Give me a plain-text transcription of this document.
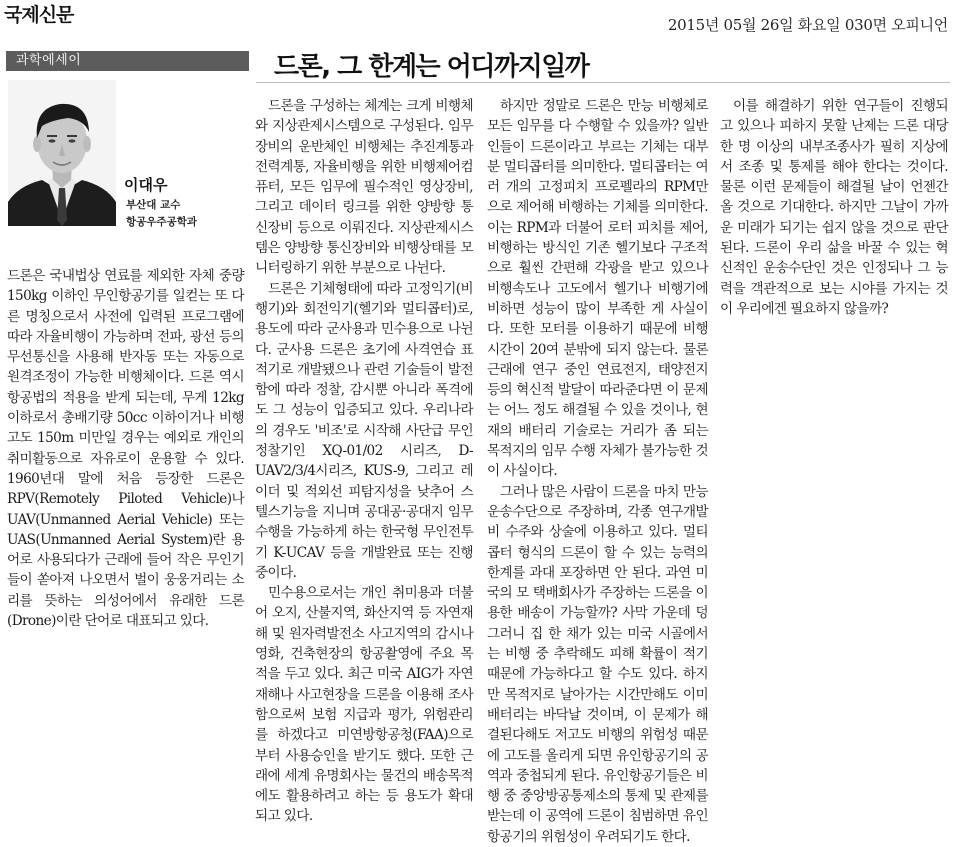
국제신문	2015년 05월 26일 화요일 030면 오피니언
과학에세이	드론, 그 한계는 어디까지일까
이대우
부산대 교수
항공우주공학과

드론은 국내법상 연료를 제외한 자체 중량 150kg 이하인 무인항공기를 일컫는 또 다른 명칭으로서 사전에 입력된 프로그램에 따라 자율비행이 가능하며 전파, 광선 등의 무선통신을 사용해 반자동 또는 자동으로 원격조정이 가능한 비행체이다. 드론 역시 항공법의 적용을 받게 되는데, 무게 12kg 이하로서 총배기량 50cc 이하이거나 비행고도 150m 미만일 경우는 예외로 개인의 취미활동으로 자유로이 운용할 수 있다. 1960년대 말에 처음 등장한 드론은 RPV(Remotely Piloted Vehicle)나 UAV(Unmanned Aerial Vehicle) 또는 UAS(Unmanned Aerial System)란 용어로 사용되다가 근래에 들어 작은 무인기들이 쏟아져 나오면서 벌이 웅웅거리는 소리를 뜻하는 의성어에서 유래한 드론(Drone)이란 단어로 대표되고 있다.

드론을 구성하는 체계는 크게 비행체와 지상관제시스템으로 구성된다. 임무장비의 운반체인 비행체는 추진계통과 전력계통, 자율비행을 위한 비행제어컴퓨터, 모든 임무에 필수적인 영상장비, 그리고 데이터 링크를 위한 양방향 통신장비 등으로 이뤄진다. 지상관제시스템은 양방향 통신장비와 비행상태를 모니터링하기 위한 부분으로 나뉜다.

드론은 기체형태에 따라 고정익기(비행기)와 회전익기(헬기와 멀티콥터)로, 용도에 따라 군사용과 민수용으로 나뉜다. 군사용 드론은 초기에 사격연습 표적기로 개발됐으나 관련 기술들이 발전함에 따라 정찰, 감시뿐 아니라 폭격에도 그 성능이 입증되고 있다. 우리나라의 경우도 '비조'로 시작해 사단급 무인정찰기인 XQ-01/02 시리즈, D-UAV2/3/4시리즈, KUS-9, 그리고 레이더 및 적외선 피탐지성을 낮추어 스텔스기능을 지니며 공대공·공대지 임무수행을 가능하게 하는 한국형 무인전투기 K-UCAV 등을 개발완료 또는 진행 중이다.

민수용으로서는 개인 취미용과 더불어 오지, 산불지역, 화산지역 등 자연재해 및 원자력발전소 사고지역의 감시나 영화, 건축현장의 항공촬영에 주요 목적을 두고 있다. 최근 미국 AIG가 자연재해나 사고현장을 드론을 이용해 조사함으로써 보험 지급과 평가, 위험관리를 하겠다고 미연방항공청(FAA)으로부터 사용승인을 받기도 했다. 또한 근래에 세계 유명회사는 물건의 배송목적에도 활용하려고 하는 등 용도가 확대되고 있다.

하지만 정말로 드론은 만능 비행체로 모든 임무를 다 수행할 수 있을까? 일반인들이 드론이라고 부르는 기체는 대부분 멀티콥터를 의미한다. 멀티콥터는 여러 개의 고정피치 프로펠라의 RPM만으로 제어해 비행하는 기체를 의미한다. 이는 RPM과 더불어 로터 피치를 제어, 비행하는 방식인 기존 헬기보다 구조적으로 훨씬 간편해 각광을 받고 있으나 비행속도나 고도에서 헬기나 비행기에 비하면 성능이 많이 부족한 게 사실이다. 또한 모터를 이용하기 때문에 비행시간이 20여 분밖에 되지 않는다. 물론 근래에 연구 중인 연료전지, 태양전지 등의 혁신적 발달이 따라준다면 이 문제는 어느 정도 해결될 수 있을 것이나, 현재의 배터리 기술로는 거리가 좀 되는 목적지의 임무 수행 자체가 불가능한 것이 사실이다.

그러나 많은 사람이 드론을 마치 만능 운송수단으로 주장하며, 각종 연구개발비 수주와 상술에 이용하고 있다. 멀티콥터 형식의 드론이 할 수 있는 능력의 한계를 과대 포장하면 안 된다. 과연 미국의 모 택배회사가 주장하는 드론을 이용한 배송이 가능할까? 사막 가운데 덩그러니 집 한 채가 있는 미국 시골에서는 비행 중 추락해도 피해 확률이 적기 때문에 가능하다고 할 수도 있다. 하지만 목적지로 날아가는 시간만해도 이미 배터리는 바닥날 것이며, 이 문제가 해결된다해도 저고도 비행의 위험성 때문에 고도를 올리게 되면 유인항공기의 공역과 중첩되게 된다. 유인항공기들은 비행 중 중앙방공통제소의 통제 및 관제를 받는데 이 공역에 드론이 침범하면 유인항공기의 위험성이 우려되기도 한다.

이를 해결하기 위한 연구들이 진행되고 있으나 피하지 못할 난제는 드론 대당 한 명 이상의 내부조종사가 필히 지상에서 조종 및 통제를 해야 한다는 것이다. 물론 이런 문제들이 해결될 날이 언젠간 올 것으로 기대한다. 하지만 그날이 가까운 미래가 되기는 쉽지 않을 것으로 판단된다. 드론이 우리 삶을 바꿀 수 있는 혁신적인 운송수단인 것은 인정되나 그 능력을 객관적으로 보는 시야를 가지는 것이 우리에겐 필요하지 않을까?
